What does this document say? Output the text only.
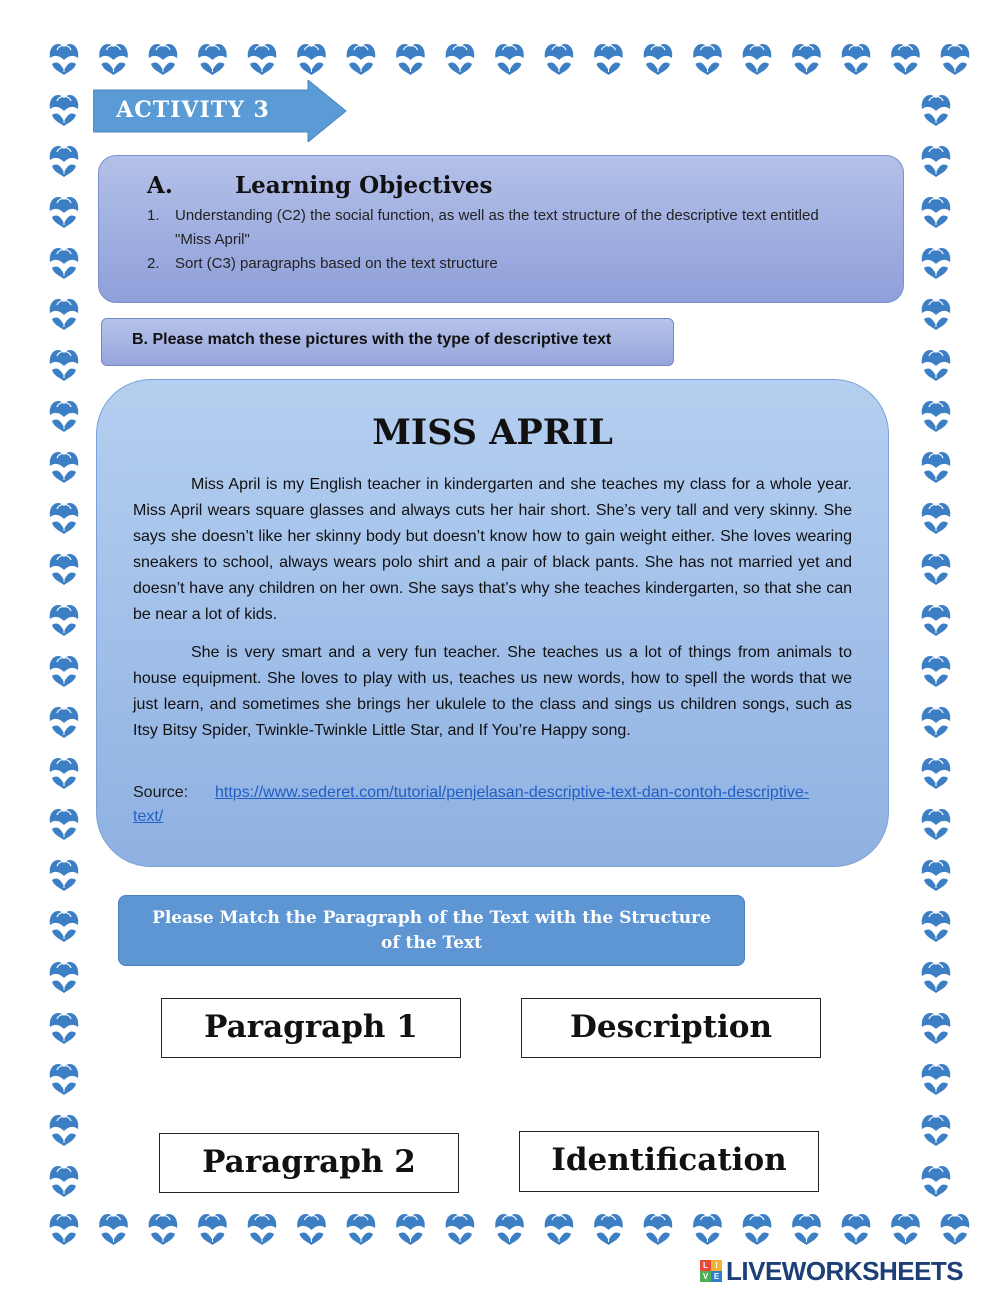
ACTIVITY 3
A.	Learning Objectives
1.	Understanding (C2) the social function, as well as the text structure of the descriptive text entitled "Miss April"
2.	Sort (C3) paragraphs based on the text structure
B. Please match these pictures with the type of descriptive text
MISS APRIL

Miss April is my English teacher in kindergarten and she teaches my class for a whole year. Miss April wears square glasses and always cuts her hair short. She’s very tall and very skinny. She says she doesn’t like her skinny body but doesn’t know how to gain weight either. She loves wearing sneakers to school, always wears polo shirt and a pair of black pants. She has not married yet and doesn’t have any children on her own. She says that’s why she teaches kindergarten, so that she can be near a lot of kids.

She is very smart and a very fun teacher. She teaches us a lot of things from animals to house equipment. She loves to play with us, teaches us new words, how to spell the words that we just learn, and sometimes she brings her ukulele to the class and sings us children songs, such as Itsy Bitsy Spider, Twinkle-Twinkle Little Star, and If You’re Happy song.

Source: https://www.sederet.com/tutorial/penjelasan-descriptive-text-dan-contoh-descriptive-
text/
Please Match the Paragraph of the Text with the Structure of the Text
Paragraph 1	Description
Paragraph 2	Identification
L I
V E LIVEWORKSHEETS
